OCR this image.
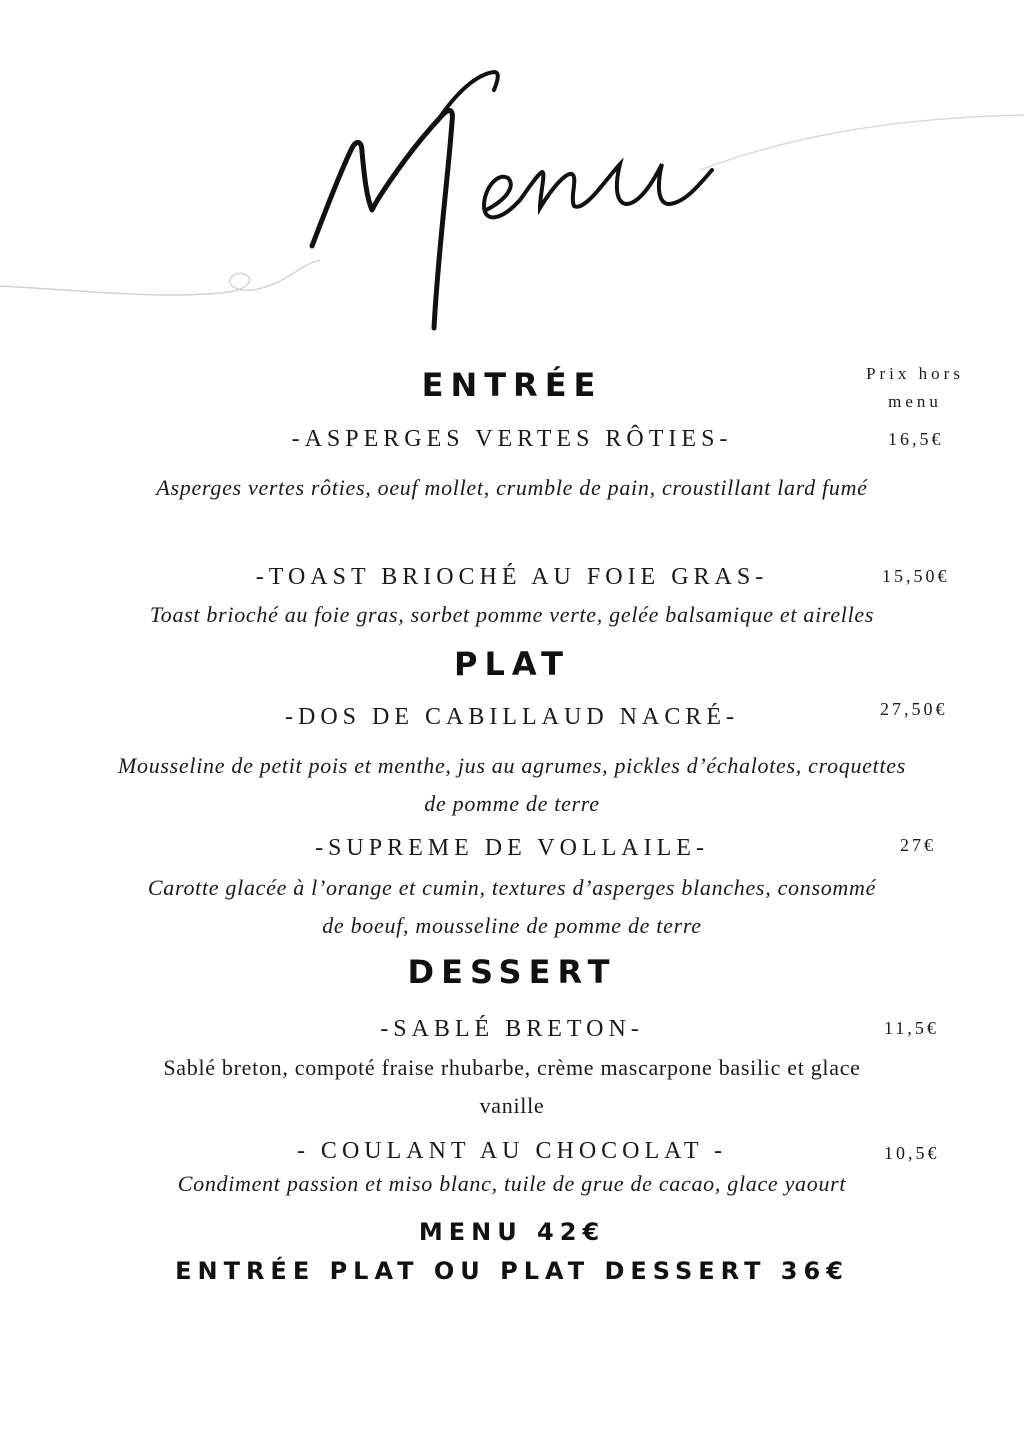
Prix hors
menu
ENTRÉE
-ASPERGES VERTES RÔTIES-	16,5€
Asperges vertes rôties, oeuf mollet, crumble de pain, croustillant lard fumé
-TOAST BRIOCHÉ AU FOIE GRAS-	15,50€
Toast brioché au foie gras, sorbet pomme verte, gelée balsamique et airelles
PLAT
-DOS DE CABILLAUD NACRÉ-	27,50€
Mousseline de petit pois et menthe, jus au agrumes, pickles d’échalotes, croquettes de pomme de terre
-SUPREME DE VOLLAILE-	27€
Carotte glacée à l’orange et cumin, textures d’asperges blanches, consommé de boeuf, mousseline de pomme de terre
DESSERT
-SABLÉ BRETON-	11,5€
Sablé breton, compoté fraise rhubarbe, crème mascarpone basilic et glace vanille
- COULANT AU CHOCOLAT -	10,5€
Condiment passion et miso blanc, tuile de grue de cacao, glace yaourt
MENU 42€
ENTRÉE PLAT OU PLAT DESSERT 36€
